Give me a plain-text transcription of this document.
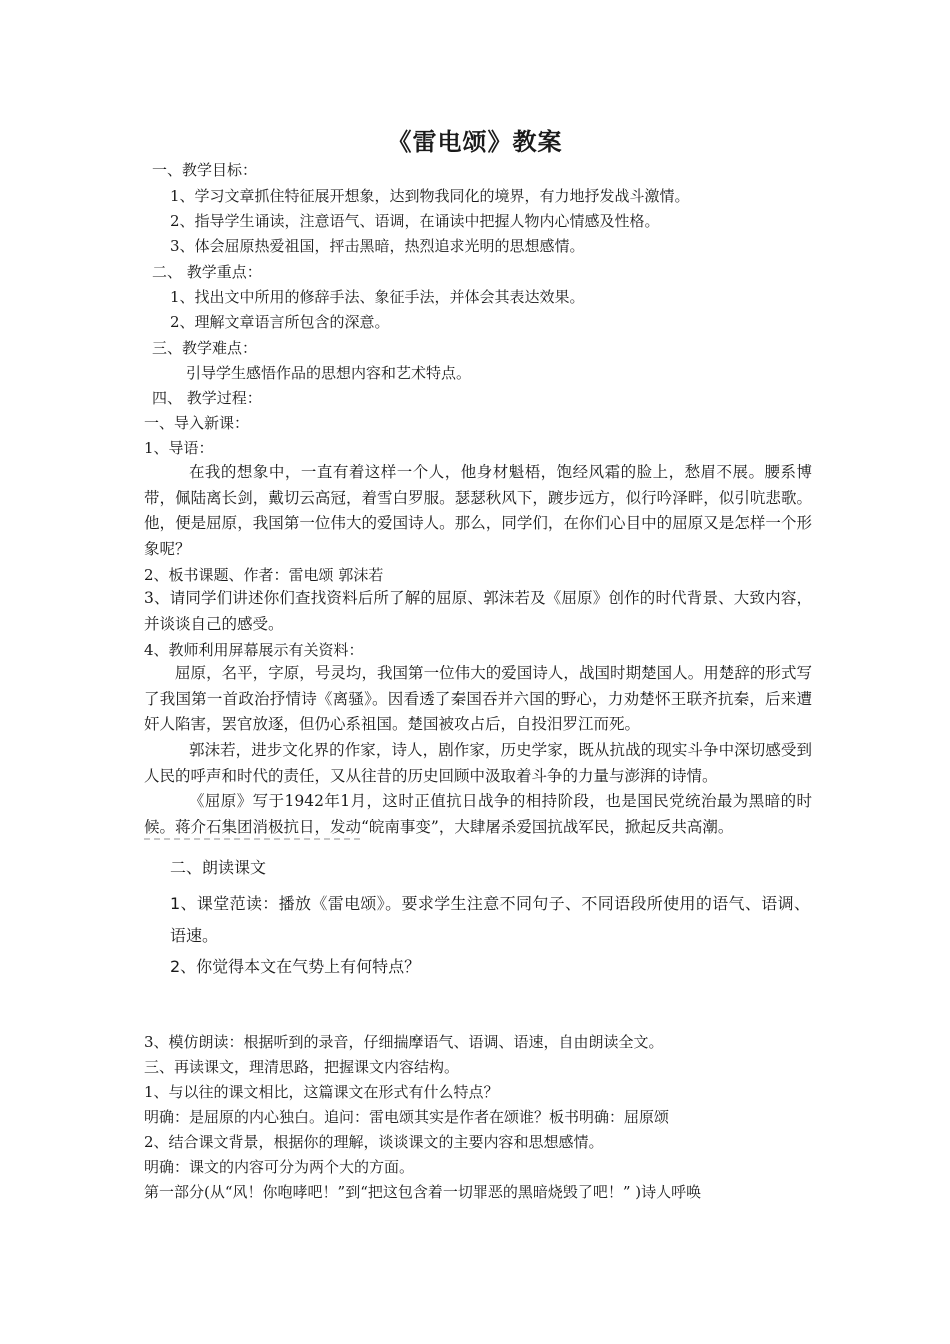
《雷电颂》教案
一、教学目标：
1、学习文章抓住特征展开想象，达到物我同化的境界，有力地抒发战斗激情。
2、指导学生诵读，注意语气、语调，在诵读中把握人物内心情感及性格。
3、体会屈原热爱祖国，抨击黑暗，热烈追求光明的思想感情。
二、 教学重点：
1、找出文中所用的修辞手法、象征手法，并体会其表达效果。
2、理解文章语言所包含的深意。
三、教学难点：
引导学生感悟作品的思想内容和艺术特点。
四、 教学过程：
一、导入新课：
1、导语：
在我的想象中，一直有着这样一个人，他身材魁梧，饱经风霜的脸上，愁眉不展。腰系博带，佩陆离长剑，戴切云高冠，着雪白罗服。瑟瑟秋风下，踱步远方，似行吟泽畔，似引吭悲歌。他，便是屈原，我国第一位伟大的爱国诗人。那么，同学们，在你们心目中的屈原又是怎样一个形象呢？
2、板书课题、作者：雷电颂 郭沫若
3、请同学们讲述你们查找资料后所了解的屈原、郭沫若及《屈原》创作的时代背景、大致内容，并谈谈自己的感受。
4、教师利用屏幕展示有关资料：
屈原，名平，字原，号灵均，我国第一位伟大的爱国诗人，战国时期楚国人。用楚辞的形式写了我国第一首政治抒情诗《离骚》。因看透了秦国吞并六国的野心，力劝楚怀王联齐抗秦，后来遭奸人陷害，罢官放逐，但仍心系祖国。楚国被攻占后，自投汨罗江而死。
郭沫若，进步文化界的作家，诗人，剧作家，历史学家，既从抗战的现实斗争中深切感受到人民的呼声和时代的责任，又从往昔的历史回顾中汲取着斗争的力量与澎湃的诗情。
《屈原》写于1942年1月，这时正值抗日战争的相持阶段，也是国民党统治最为黑暗的时候。蒋介石集团消极抗日，发动“皖南事变”，大肆屠杀爱国抗战军民，掀起反共高潮。
二、朗读课文
1、课堂范读：播放《雷电颂》。要求学生注意不同句子、不同语段所使用的语气、语调、语速。
2、你觉得本文在气势上有何特点？
3、模仿朗读：根据听到的录音，仔细揣摩语气、语调、语速，自由朗读全文。
三、再读课文，理清思路，把握课文内容结构。
1、与以往的课文相比，这篇课文在形式有什么特点？
明确：是屈原的内心独白。追问：雷电颂其实是作者在颂谁？板书明确：屈原颂
2、结合课文背景，根据你的理解，谈谈课文的主要内容和思想感情。
明确：课文的内容可分为两个大的方面。
第一部分(从“风！你咆哮吧！”到“把这包含着一切罪恶的黑暗烧毁了吧！” )诗人呼唤
